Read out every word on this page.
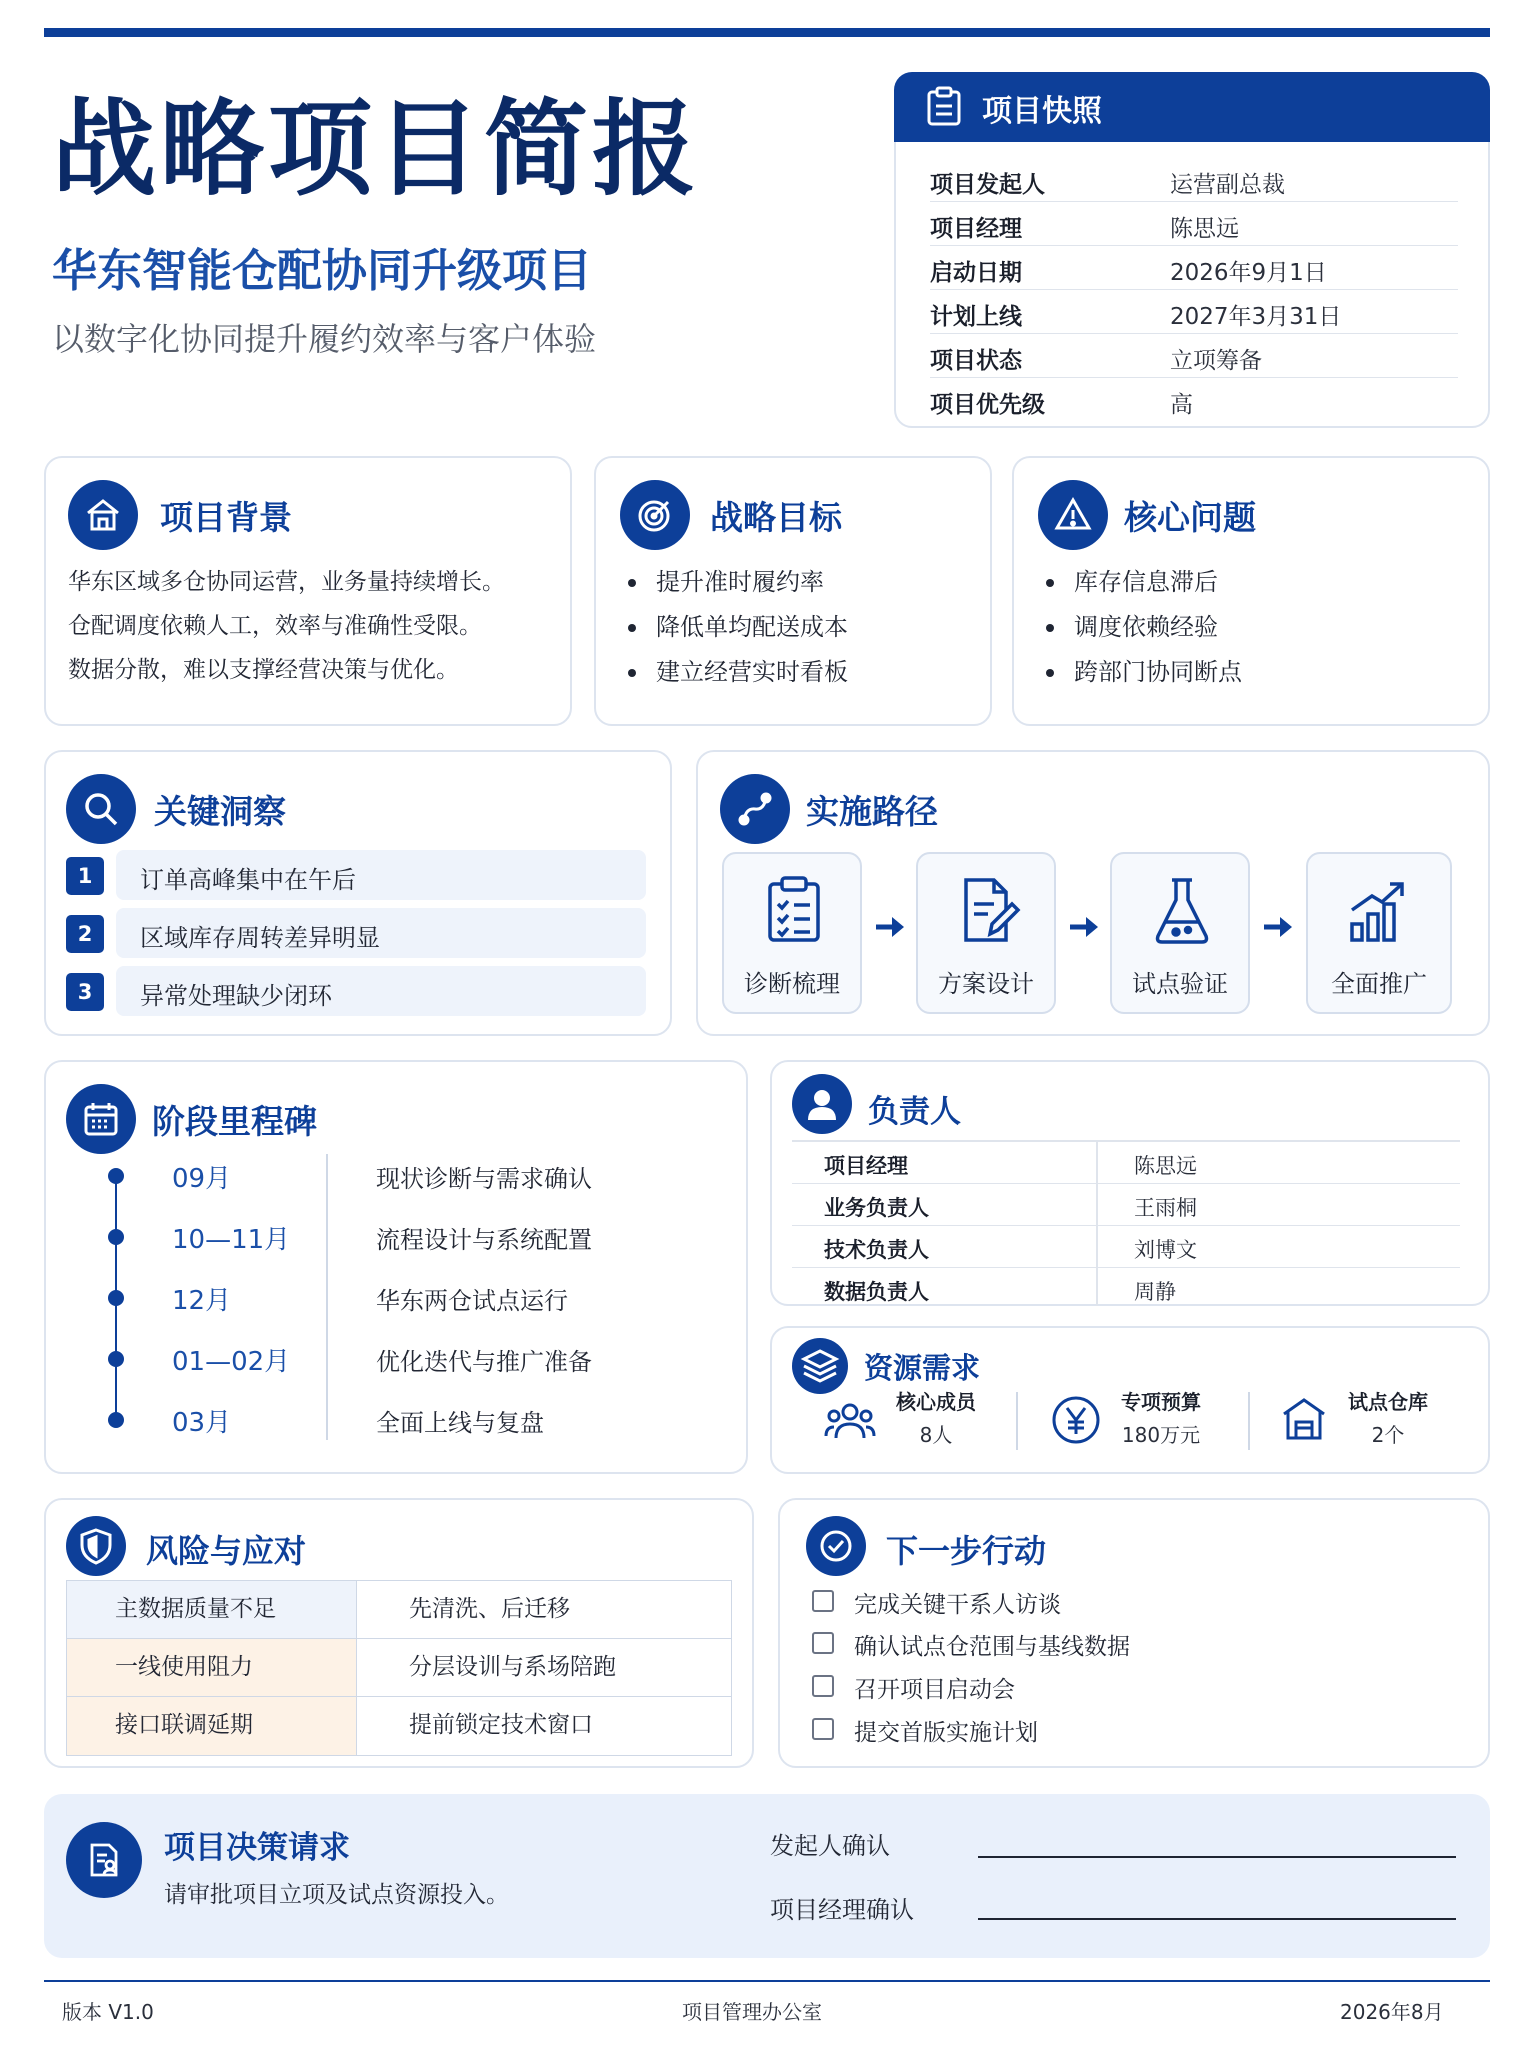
战略项目简报
华东智能仓配协同升级项目
以数字化协同提升履约效率与客户体验
项目快照
项目发起人	运营副总裁
项目经理	陈思远
启动日期	2026年9月1日
计划上线	2027年3月31日
项目状态	立项筹备
项目优先级	高
项目背景
华东区域多仓协同运营，业务量持续增长。
仓配调度依赖人工，效率与准确性受限。
数据分散，难以支撑经营决策与优化。
战略目标
提升准时履约率
降低单均配送成本
建立经营实时看板
核心问题
库存信息滞后
调度依赖经验
跨部门协同断点
关键洞察
1	订单高峰集中在午后
2	区域库存周转差异明显
3	异常处理缺少闭环
实施路径
诊断梳理	方案设计	试点验证	全面推广
阶段里程碑
09月	现状诊断与需求确认
10—11月	流程设计与系统配置
12月	华东两仓试点运行
01—02月	优化迭代与推广准备
03月	全面上线与复盘
负责人
项目经理	陈思远
业务负责人	王雨桐
技术负责人	刘博文
数据负责人	周静
资源需求
核心成员
8人
专项预算
180万元
试点仓库
2个
风险与应对
主数据质量不足	先清洗、后迁移
一线使用阻力	分层设训与系场陪跑
接口联调延期	提前锁定技术窗口
下一步行动
完成关键干系人访谈
确认试点仓范围与基线数据
召开项目启动会
提交首版实施计划
项目决策请求
请审批项目立项及试点资源投入。
发起人确认
项目经理确认
版本 V1.0	项目管理办公室	2026年8月
